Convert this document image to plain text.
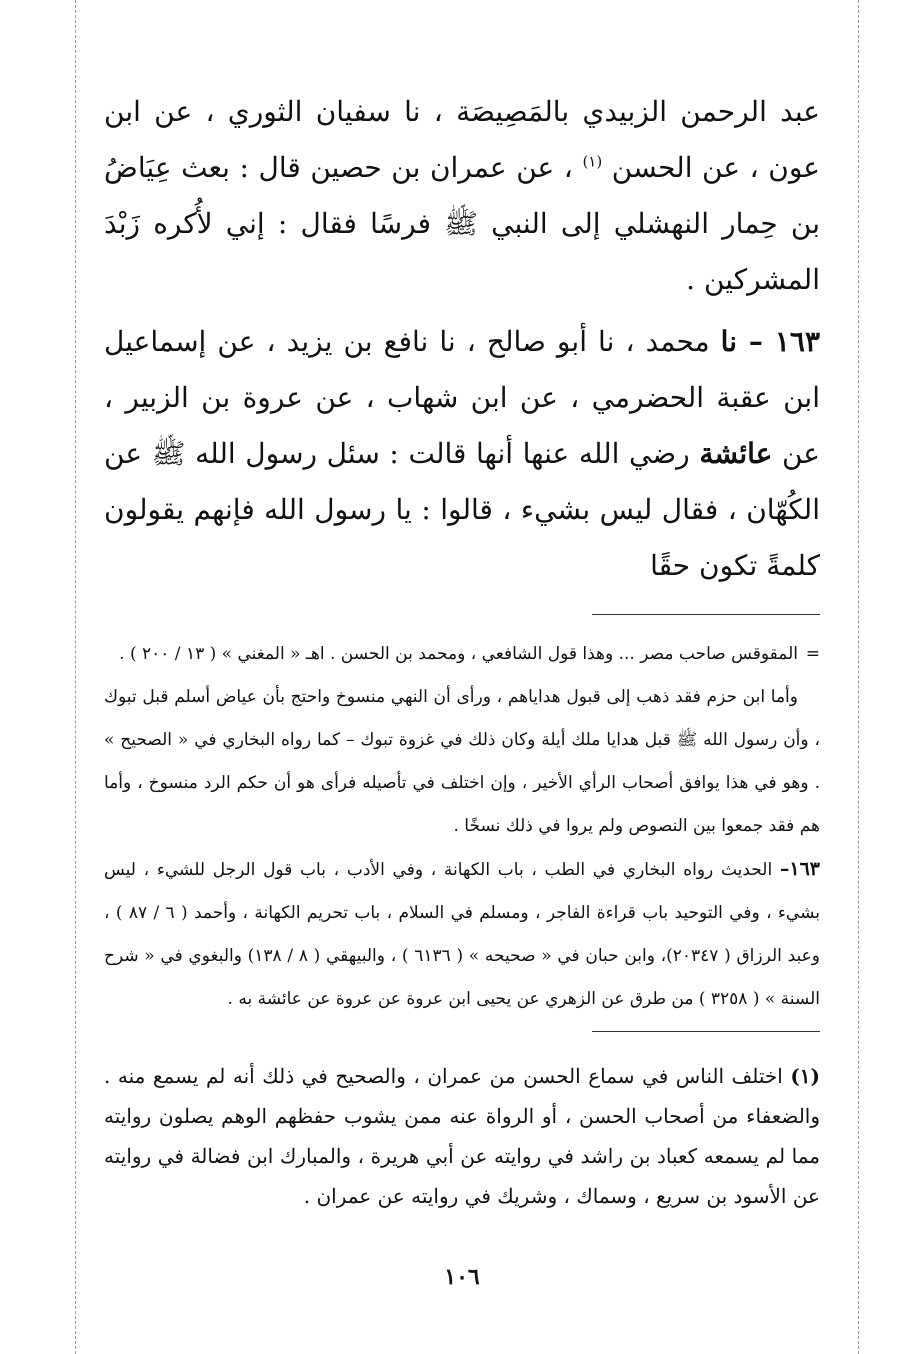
عبد الرحمن الزبيدي بالمَصِيصَة ، نا سفيان الثوري ، عن ابن عون ، عن الحسن $^{(١)}$ ، عن عمران بن حصين قال : بعث عِيَاضُ بن حِمار النهشلي إلى النبي ﷺ فرسًا فقال : إني لأُكره زَبْدَ المشركين .

١٦٣ – نا محمد ، نا أبو صالح ، نا نافع بن يزيد ، عن إسماعيل ابن عقبة الحضرمي ، عن ابن شهاب ، عن عروة بن الزبير ، عن عائشة رضي الله عنها أنها قالت : سئل رسول الله ﷺ عن الكُهّان ، فقال ليس بشيء ، قالوا : يا رسول الله فإنهم يقولون كلمةً تكون حقًا

=المقوقس صاحب مصر ... وهذا قول الشافعي ، ومحمد بن الحسن . اهـ « المغني » ( ١٣ / ٢٠٠ ) .

وأما ابن حزم فقد ذهب إلى قبول هداياهم ، ورأى أن النهي منسوخ واحتج بأن عياض أسلم قبل تبوك ، وأن رسول الله ﷺ قبل هدايا ملك أيلة وكان ذلك في غزوة تبوك – كما رواه البخاري في « الصحيح » . وهو في هذا يوافق أصحاب الرأي الأخير ، وإن اختلف في تأصيله فرأى هو أن حكم الرد منسوخ ، وأما هم فقد جمعوا بين النصوص ولم يروا في ذلك نسخًا .

١٦٣– الحديث رواه البخاري في الطب ، باب الكهانة ، وفي الأدب ، باب قول الرجل للشيء ، ليس بشيء ، وفي التوحيد باب قراءة الفاجر ، ومسلم في السلام ، باب تحريم الكهانة ، وأحمد ( ٦ / ٨٧ ) ، وعبد الرزاق ( ٢٠٣٤٧)، وابن حبان في « صحيحه » ( ٦١٣٦ ) ، والبيهقي ( ٨ / ١٣٨) والبغوي في « شرح السنة » ( ٣٢٥٨ ) من طرق عن الزهري عن يحيى ابن عروة عن عروة عن عائشة به .

(١) اختلف الناس في سماع الحسن من عمران ، والصحيح في ذلك أنه لم يسمع منه . والضعفاء من أصحاب الحسن ، أو الرواة عنه ممن يشوب حفظهم الوهم يصلون روايته مما لم يسمعه كعباد بن راشد في روايته عن أبي هريرة ، والمبارك ابن فضالة في روايته عن الأسود بن سريع ، وسماك ، وشريك في روايته عن عمران .

١٠٦
